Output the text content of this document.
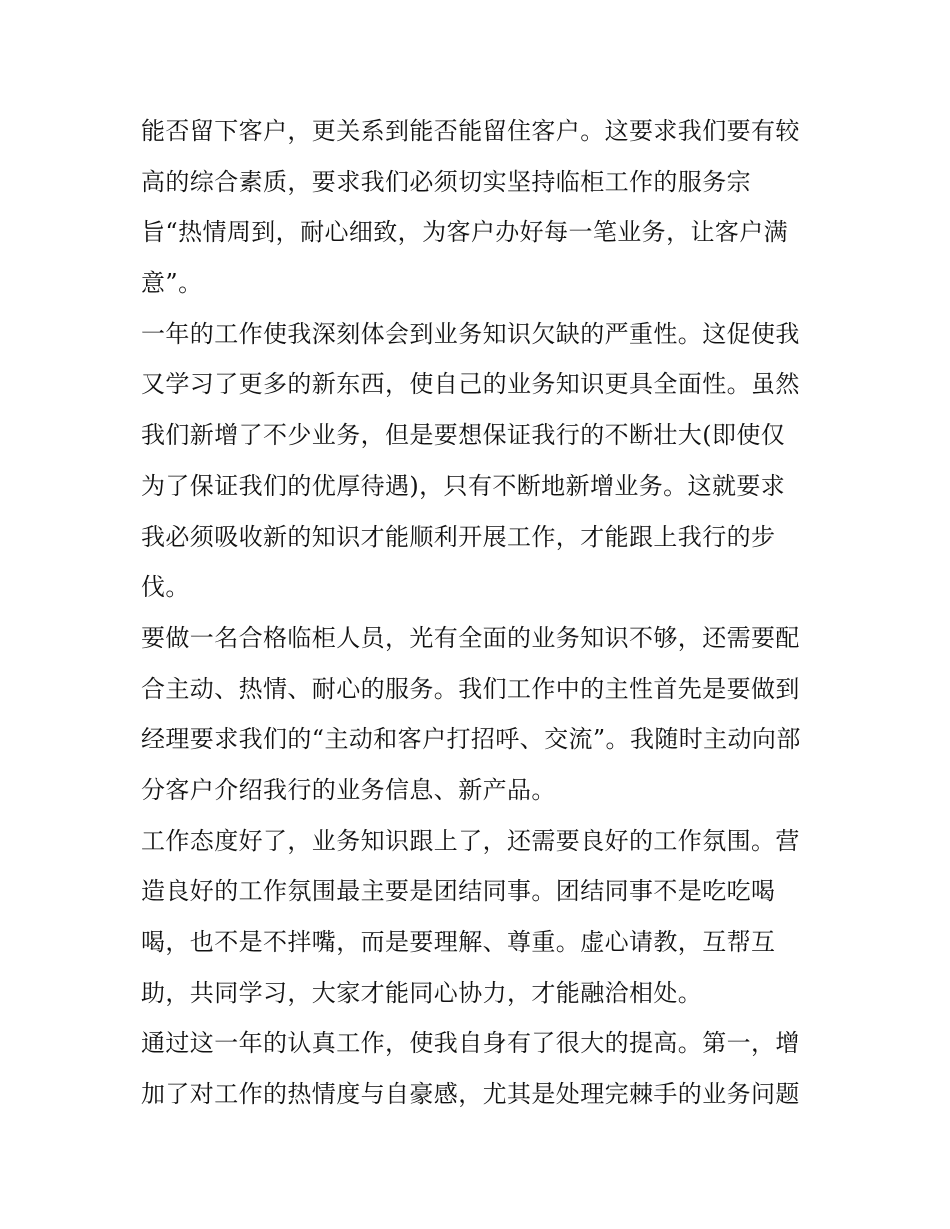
能否留下客户，更关系到能否能留住客户。这要求我们要有较
高的综合素质，要求我们必须切实坚持临柜工作的服务宗
旨“热情周到，耐心细致，为客户办好每一笔业务，让客户满
意”。
一年的工作使我深刻体会到业务知识欠缺的严重性。这促使我
又学习了更多的新东西，使自己的业务知识更具全面性。虽然
我们新增了不少业务，但是要想保证我行的不断壮大(即使仅
为了保证我们的优厚待遇)，只有不断地新增业务。这就要求
我必须吸收新的知识才能顺利开展工作，才能跟上我行的步
伐。
要做一名合格临柜人员，光有全面的业务知识不够，还需要配
合主动、热情、耐心的服务。我们工作中的主性首先是要做到
经理要求我们的“主动和客户打招呼、交流”。我随时主动向部
分客户介绍我行的业务信息、新产品。
工作态度好了，业务知识跟上了，还需要良好的工作氛围。营
造良好的工作氛围最主要是团结同事。团结同事不是吃吃喝
喝，也不是不拌嘴，而是要理解、尊重。虚心请教，互帮互
助，共同学习，大家才能同心协力，才能融洽相处。
通过这一年的认真工作，使我自身有了很大的提高。第一，增
加了对工作的热情度与自豪感，尤其是处理完棘手的业务问题
